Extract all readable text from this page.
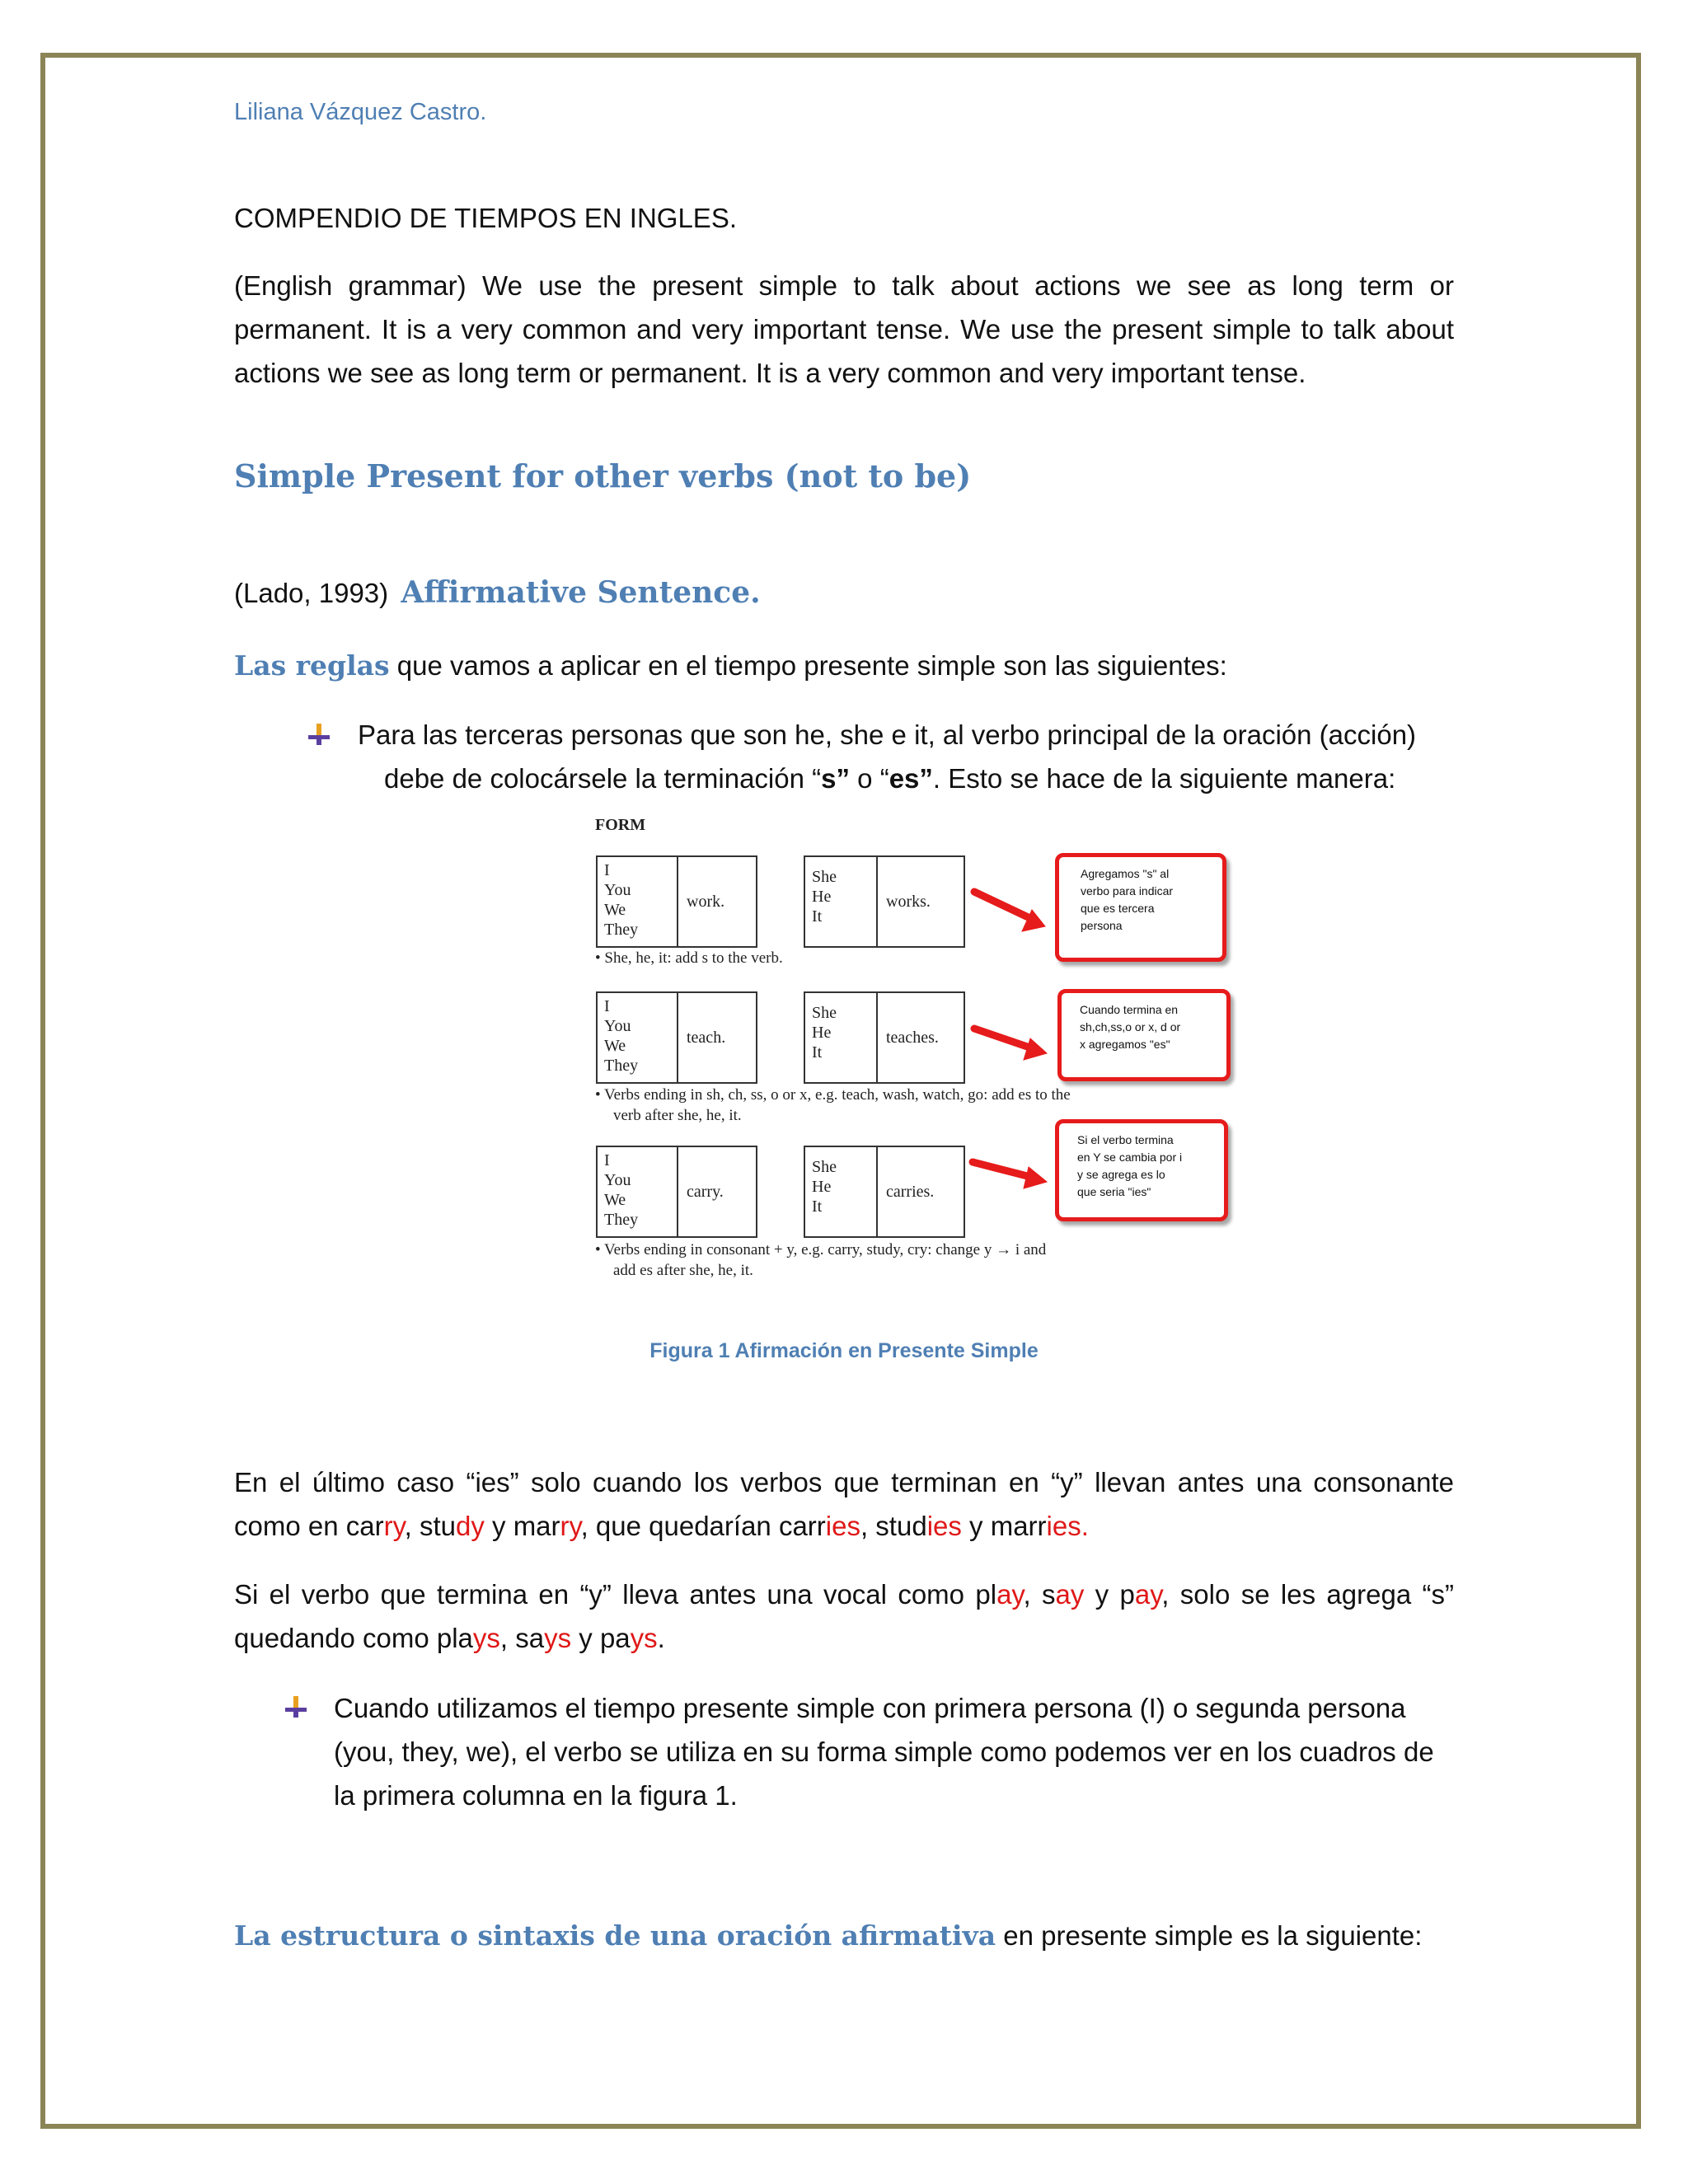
Liliana Vázquez Castro.
COMPENDIO DE TIEMPOS EN INGLES.
(English grammar) We use the present simple to talk about actions we see as long term or permanent. It is a very common and very important tense. We use the present simple to talk about actions we see as long term or permanent. It is a very common and very important tense.
Simple Present for other verbs (not to be)
(Lado, 1993) Affirmative Sentence.
Las reglas que vamos a aplicar en el tiempo presente simple son las siguientes:
Para las terceras personas que son he, she e it, al verbo principal de la oración (acción)
debe de colocársele la terminación “s” o “es”. Esto se hace de la siguiente manera:
FORM
I
You
We
They
work.
She
He
It
works.
• She, he, it: add s to the verb.
I
You
We
They
teach.
She
He
It
teaches.
• Verbs ending in sh, ch, ss, o or x, e.g. teach, wash, watch, go: add es to the
verb after she, he, it.
I
You
We
They
carry.
She
He
It
carries.
• Verbs ending in consonant + y, e.g. carry, study, cry: change y → i and
add es after she, he, it.
Agregamos "s" al
verbo para indicar
que es tercera
persona
Cuando termina en
sh,ch,ss,o or x, d or
x agregamos "es"
Si el verbo termina
en Y se cambia por i
y se agrega es lo
que seria "ies"
Figura 1 Afirmación en Presente Simple
En el último caso “ies” solo cuando los verbos que terminan en “y” llevan antes una consonante como en carry, study y marry, que quedarían carries, studies y marries.
Si el verbo que termina en “y” lleva antes una vocal como play, say y pay, solo se les agrega “s” quedando como plays, says y pays.
Cuando utilizamos el tiempo presente simple con primera persona (I) o segunda persona (you, they, we), el verbo se utiliza en su forma simple como podemos ver en los cuadros de la primera columna en la figura 1.
La estructura o sintaxis de una oración afirmativa en presente simple es la siguiente:
